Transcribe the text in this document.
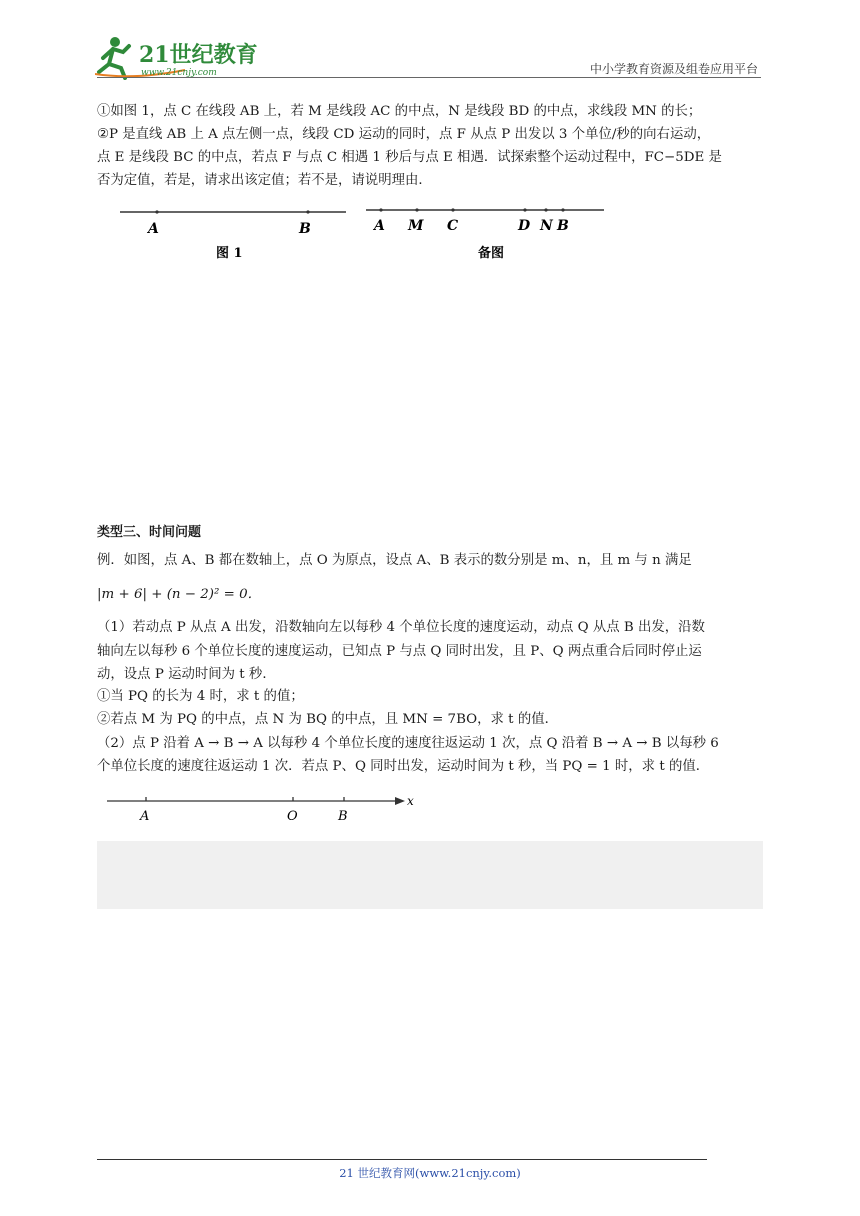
21世纪教育
www.21cnjy.com	中小学教育资源及组卷应用平台
①如图 1，点 C 在线段 AB 上，若 M 是线段 AC 的中点，N 是线段 BD 的中点，求线段 MN 的长；
②P 是直线 AB 上 A 点左侧一点，线段 CD 运动的同时，点 F 从点 P 出发以 3 个单位/秒的向右运动，
点 E 是线段 BC 的中点，若点 F 与点 C 相遇 1 秒后与点 E 相遇．试探索整个运动过程中，FC−5DE 是
否为定值，若是，请求出该定值；若不是，请说明理由．
A	B
图 1
A M C	D N B
备图
类型三、时间问题
例．如图，点 A、B 都在数轴上，点 O 为原点，设点 A、B 表示的数分别是 m、n，且 m 与 n 满足
|m + 6| + (n − 2)² = 0．
（1）若动点 P 从点 A 出发，沿数轴向左以每秒 4 个单位长度的速度运动，动点 Q 从点 B 出发，沿数
轴向左以每秒 6 个单位长度的速度运动，已知点 P 与点 Q 同时出发，且 P、Q 两点重合后同时停止运
动，设点 P 运动时间为 t 秒．
①当 PQ 的长为 4 时，求 t 的值；
②若点 M 为 PQ 的中点，点 N 为 BQ 的中点，且 MN = 7BO，求 t 的值．
（2）点 P 沿着 A → B → A 以每秒 4 个单位长度的速度往返运动 1 次，点 Q 沿着 B → A → B 以每秒 6
个单位长度的速度往返运动 1 次．若点 P、Q 同时出发，运动时间为 t 秒，当 PQ = 1 时，求 t 的值．
A	O	B
x
21 世纪教育网(www.21cnjy.com)
